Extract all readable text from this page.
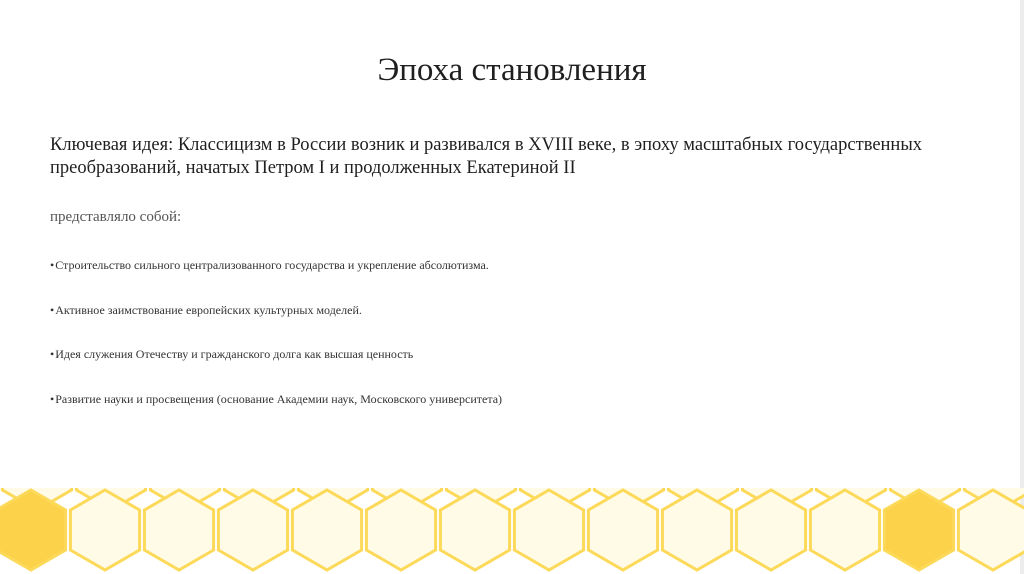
Эпоха становления
Ключевая идея: Классицизм в России возник и развивался в XVIII веке, в эпоху масштабных государственных преобразований, начатых Петром I и продолженных Екатериной II
представляло собой:
•Строительство сильного централизованного государства и укрепление абсолютизма.
•Активное заимствование европейских культурных моделей.
•Идея служения Отечеству и гражданского долга как высшая ценность
•Развитие науки и просвещения (основание Академии наук, Московского университета)
